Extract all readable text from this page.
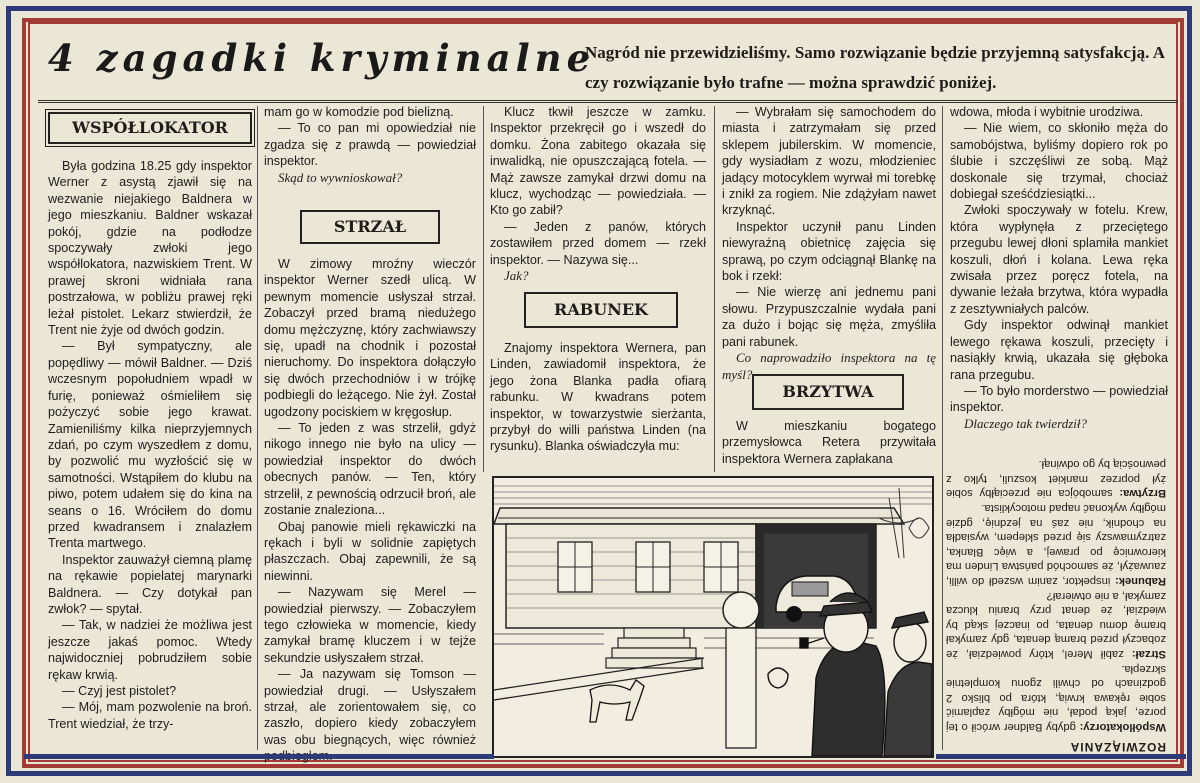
4 zagadki kryminalne
Nagród nie przewidzieliśmy. Samo rozwiązanie będzie przyjemną satysfakcją. A czy rozwiązanie było trafne — można sprawdzić poniżej.
WSPÓŁLOKATOR

Była godzina 18.25 gdy inspektor Werner z asystą zjawił się na wezwanie niejakiego Baldnera w jego mieszkaniu. Baldner wskazał pokój, gdzie na podłodze spoczywały zwłoki jego współlokatora, nazwiskiem Trent. W prawej skroni widniała rana postrzałowa, w pobliżu prawej ręki leżał pistolet. Lekarz stwierdził, że Trent nie żyje od dwóch godzin.

— Był sympatyczny, ale popędliwy — mówił Baldner. — Dziś wczesnym popołudniem wpadł w furię, ponieważ ośmieliłem się pożyczyć sobie jego krawat. Zamieniliśmy kilka nieprzyjemnych zdań, po czym wyszedłem z domu, by pozwolić mu wyzłościć się w samotności. Wstąpiłem do klubu na piwo, potem udałem się do kina na seans o 16. Wróciłem do domu przed kwadransem i znalazłem Trenta martwego.

Inspektor zauważył ciemną plamę na rękawie popielatej marynarki Baldnera. — Czy dotykał pan zwłok? — spytał.

— Tak, w nadziei że możliwa jest jeszcze jakaś pomoc. Wtedy najwidoczniej pobrudziłem sobie rękaw krwią.

— Czyj jest pistolet?

— Mój, mam pozwolenie na broń. Trent wiedział, że trzy-

mam go w komodzie pod bielizną.

— To co pan mi opowiedział nie zgadza się z prawdą — powiedział inspektor.

Skąd to wywnioskował?

STRZAŁ

W zimowy mroźny wieczór inspektor Werner szedł ulicą. W pewnym momencie usłyszał strzał. Zobaczył przed bramą niedużego domu mężczyznę, który zachwiawszy się, upadł na chodnik i pozostał nieruchomy. Do inspektora dołączyło się dwóch przechodniów i w trójkę podbiegli do leżącego. Nie żył. Został ugodzony pociskiem w kręgosłup.

— To jeden z was strzelił, gdyż nikogo innego nie było na ulicy — powiedział inspektor do dwóch obecnych panów. — Ten, który strzelił, z pewnością odrzucił broń, ale zostanie znaleziona...

Obaj panowie mieli rękawiczki na rękach i byli w solidnie zapiętych płaszczach. Obaj zapewnili, że są niewinni.

— Nazywam się Merel — powiedział pierwszy. — Zobaczyłem tego człowieka w momencie, kiedy zamykał bramę kluczem i w tejże sekundzie usłyszałem strzał.

— Ja nazywam się Tomson — powiedział drugi. — Usłyszałem strzał, ale zorientowałem się, co zaszło, dopiero kiedy zobaczyłem was obu biegnących, więc również

Klucz tkwił jeszcze w zamku. Inspektor przekręcił go i wszedł do domku. Żona zabitego okazała się inwalidką, nie opuszczającą fotela. — Mąż zawsze zamykał drzwi domu na klucz, wychodząc — powiedziała. — Kto go zabił?

— Jeden z panów, których zostawiłem przed domem — rzekł inspektor. — Nazywa się...

Jak?

RABUNEK

Znajomy inspektora Wernera, pan Linden, zawiadomił inspektora, że jego żona Blanka padła ofiarą rabunku. W kwadrans potem inspektor, w towarzystwie sierżanta, przybył do willi państwa Linden (na rysunku). Blanka oświadczyła mu:

— Wybrałam się samochodem do miasta i zatrzymałam się przed sklepem jubilerskim. W momencie, gdy wysiadłam z wozu, młodzieniec jadący motocyklem wyrwał mi torebkę i znikł za rogiem. Nie zdążyłam nawet krzyknąć.

Inspektor uczynił panu Linden niewyraźną obietnicę zajęcia się sprawą, po czym odciągnął Blankę na bok i rzekł:

— Nie wierzę ani jednemu pani słowu. Przypuszczalnie wydała pani za dużo i bojąc się męża, zmyśliła pani rabunek.

Co naprowadziło inspektora na tę myśl?

BRZYTWA

W mieszkaniu bogatego przemysłowca Retera przywitała inspektora Wernera zapłakana

wdowa, młoda i wybitnie urodziwa.

— Nie wiem, co skłoniło męża do samobójstwa, byliśmy dopiero rok po ślubie i szczęśliwi ze sobą. Mąż doskonale się trzymał, chociaż dobiegał sześćdziesiątki...

Zwłoki spoczywały w fotelu. Krew, która wypłynęła z przeciętego przegubu lewej dłoni splamiła mankiet koszuli, dłoń i kolana. Lewa ręka zwisała przez poręcz fotela, na dywanie leżała brzytwa, która wypadła z zesztywniałych palców.

Gdy inspektor odwinął mankiet lewego rękawa koszuli, przecięty i nasiąkły krwią, ukazała się głęboka rana przegubu.

— To było morderstwo — powiedział inspektor.

Dlaczego tak twierdził?

ROZWIĄZANIA

Współlokatorzy: gdyby Baldner wrócił o tej porze, jaką podał, nie mógłby zaplamić sobie rękawa krwią, która po blisko 2 godzinach od chwili zgonu kompletnie skrzepła.

Strzał: zabił Merel, który powiedział, że zobaczył przed bramą denata, gdy zamykał bramę domu denata, po inaczej skąd by wiedział, że denat przy braniu klucza zamykał, a nie otwierał?

Rabunek: inspektor, zanim wszedł do willi, zauważył, że samochód państwa Linden ma kierownicę po prawej, a więc Blanka, zatrzymawszy się przed sklepem, wysiadła na chodnik, nie zaś na jezdnię, gdzie mógłby wykonać napad motocyklista.

Brzytwa: samobójca nie przeciąłby sobie żył poprzez mankiet koszuli, tylko z pewnością by go odwinął.
